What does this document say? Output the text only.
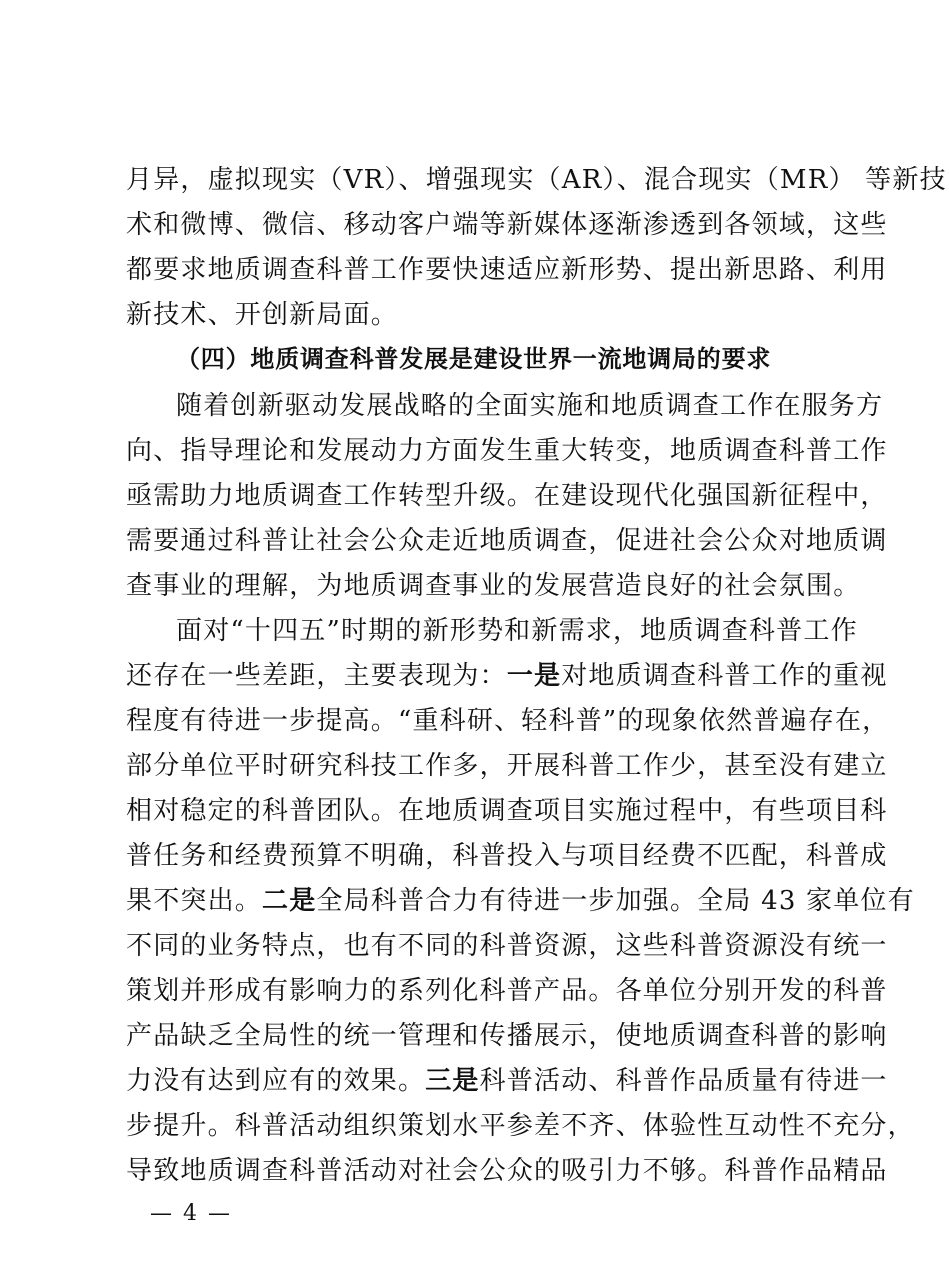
月异，虚拟现实（VR）、增强现实（AR）、混合现实（MR） 等新技
术和微博、微信、移动客户端等新媒体逐渐渗透到各领域，这些
都要求地质调查科普工作要快速适应新形势、提出新思路、利用
新技术、开创新局面。
（四）地质调查科普发展是建设世界一流地调局的要求
随着创新驱动发展战略的全面实施和地质调查工作在服务方
向、指导理论和发展动力方面发生重大转变，地质调查科普工作
亟需助力地质调查工作转型升级。在建设现代化强国新征程中，
需要通过科普让社会公众走近地质调查，促进社会公众对地质调
查事业的理解，为地质调查事业的发展营造良好的社会氛围。
面对“十四五”时期的新形势和新需求，地质调查科普工作
还存在一些差距，主要表现为：一是对地质调查科普工作的重视
程度有待进一步提高。“重科研、轻科普”的现象依然普遍存在，
部分单位平时研究科技工作多，开展科普工作少，甚至没有建立
相对稳定的科普团队。在地质调查项目实施过程中，有些项目科
普任务和经费预算不明确，科普投入与项目经费不匹配，科普成
果不突出。二是全局科普合力有待进一步加强。全局 43 家单位有
不同的业务特点，也有不同的科普资源，这些科普资源没有统一
策划并形成有影响力的系列化科普产品。各单位分别开发的科普
产品缺乏全局性的统一管理和传播展示，使地质调查科普的影响
力没有达到应有的效果。三是科普活动、科普作品质量有待进一
步提升。科普活动组织策划水平参差不齐、体验性互动性不充分，
导致地质调查科普活动对社会公众的吸引力不够。科普作品精品
— 4 —
